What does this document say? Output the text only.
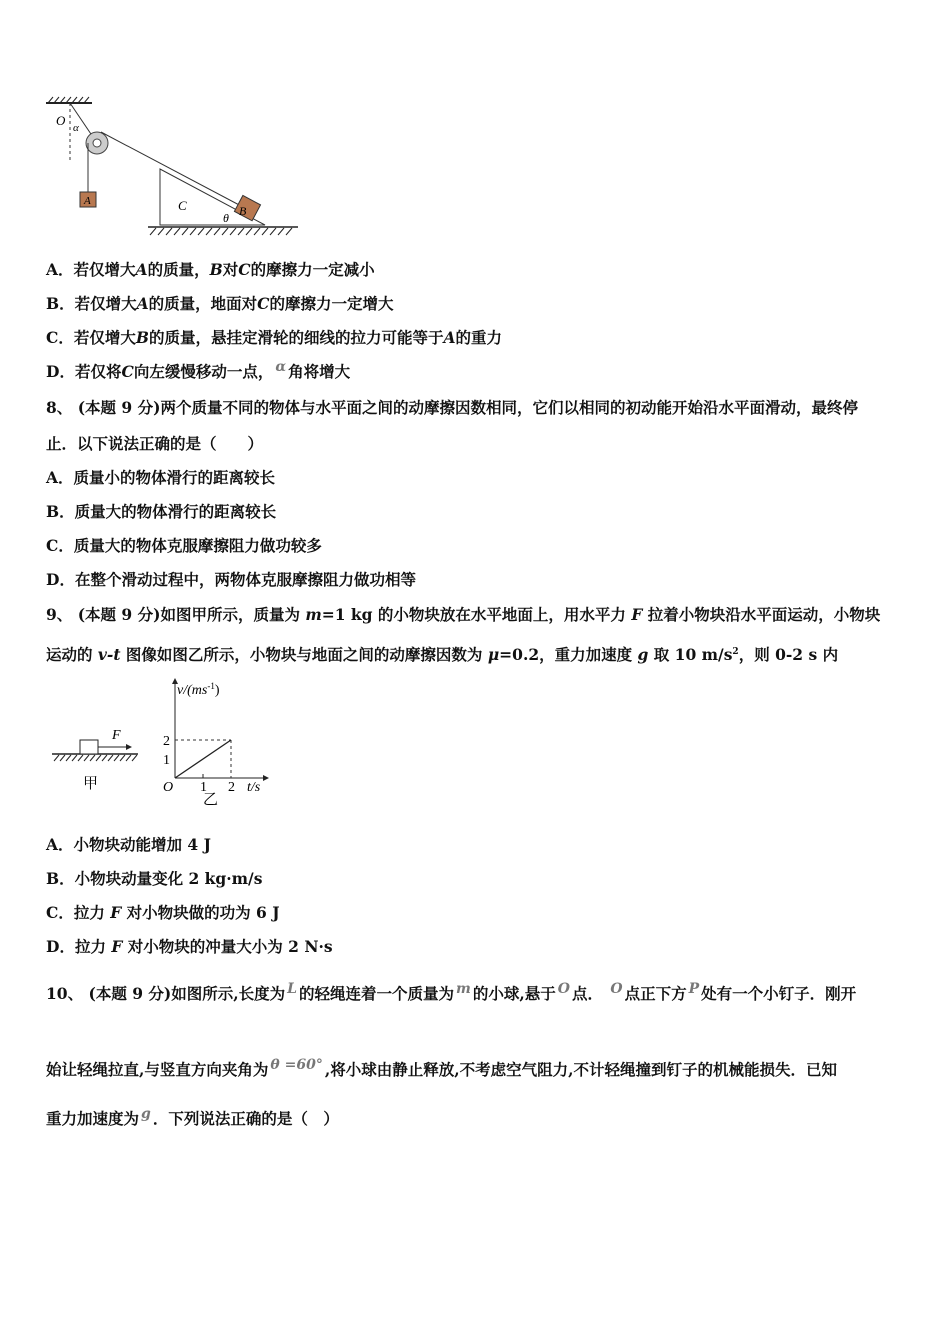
A
B
C
θ
O α
A．若仅增大A的质量，B对C的摩擦力一定减小
B．若仅增大A的质量，地面对C的摩擦力一定增大
C．若仅增大B的质量，悬挂定滑轮的细线的拉力可能等于A的重力
D．若仅将C向左缓慢移动一点， α 角将增大
8、 (本题 9 分)两个质量不同的物体与水平面之间的动摩擦因数相同，它们以相同的初动能开始沿水平面滑动，最终停
止．以下说法正确的是（　　）
A．质量小的物体滑行的距离较长
B．质量大的物体滑行的距离较长
C．质量大的物体克服摩擦阻力做功较多
D．在整个滑动过程中，两物体克服摩擦阻力做功相等
9、 (本题 9 分)如图甲所示，质量为 m=1 kg 的小物块放在水平地面上，用水平力 F 拉着小物块沿水平面运动，小物块
运动的 v-t 图像如图乙所示，小物块与地面之间的动摩擦因数为 μ=0.2，重力加速度 g 取 10 $m/s^2$，则 0-2 s 内
F
甲
$v/(ms^{-1})$
t/s
O 1 2
1
2
乙
A．小物块动能增加 4 J
B．小物块动量变化 2 kg·m/s
C．拉力 F 对小物块做的功为 6 J
D．拉力 F 对小物块的冲量大小为 2 N·s
10、 (本题 9 分)如图所示,长度为 L 的轻绳连着一个质量为 m 的小球,悬于 O 点． O 点正下方 P 处有一个小钉子．刚开
始让轻绳拉直,与竖直方向夹角为 θ =60° ,将小球由静止释放,不考虑空气阻力,不计轻绳撞到钉子的机械能损失．已知
重力加速度为 g ．下列说法正确的是（　）
